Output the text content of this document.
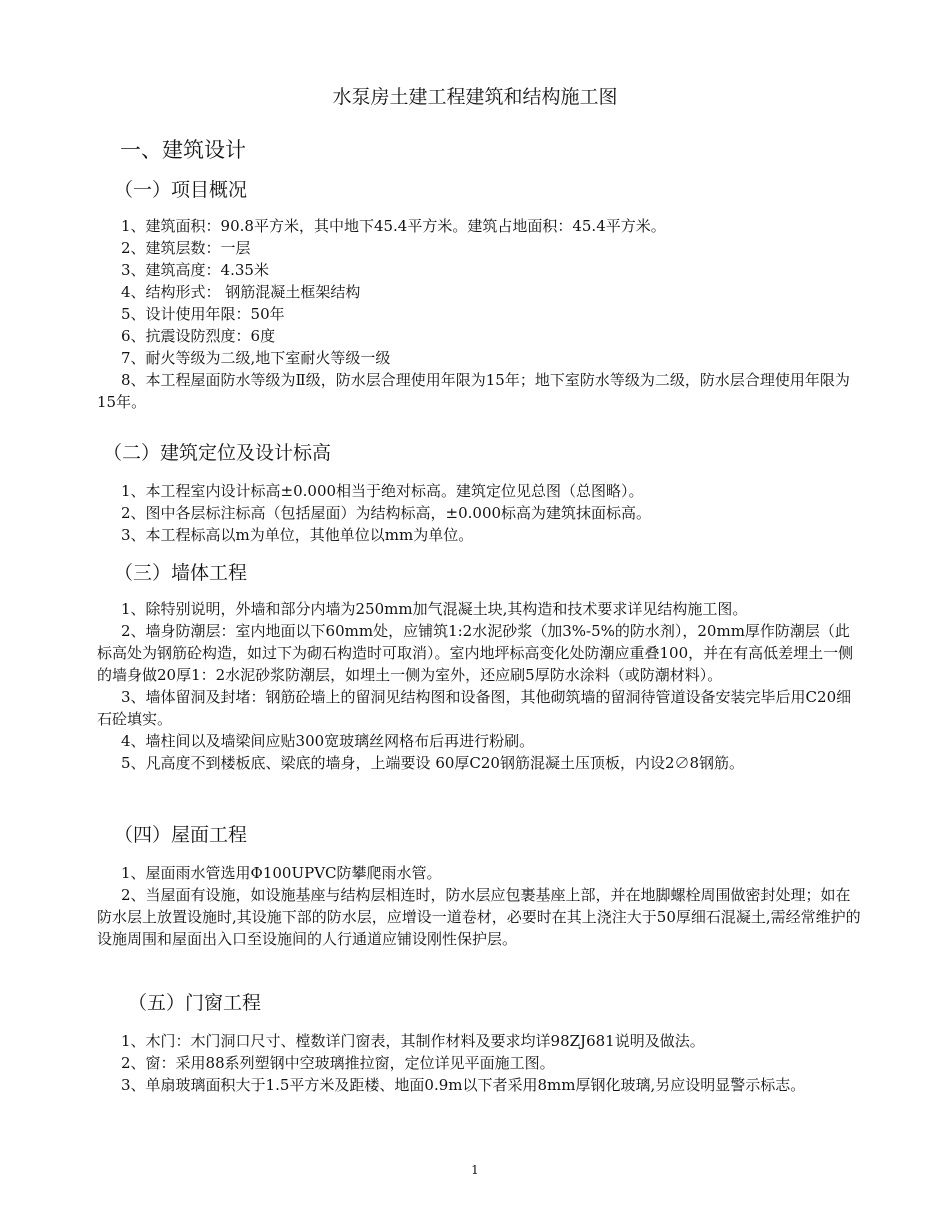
水泵房土建工程建筑和结构施工图
一、建筑设计
（一）项目概况

1、建筑面积：90.8平方米，其中地下45.4平方米。建筑占地面积：45.4平方米。

2、建筑层数：一层

3、建筑高度：4.35米

4、结构形式： 钢筋混凝土框架结构

5、设计使用年限：50年

6、抗震设防烈度：6度

7、耐火等级为二级,地下室耐火等级一级

8、本工程屋面防水等级为Ⅱ级，防水层合理使用年限为15年；地下室防水等级为二级，防水层合理使用年限为15年。

（二）建筑定位及设计标高

1、本工程室内设计标高±0.000相当于绝对标高。建筑定位见总图（总图略）。

2、图中各层标注标高（包括屋面）为结构标高，±0.000标高为建筑抹面标高。

3、本工程标高以m为单位，其他单位以mm为单位。

（三）墙体工程

1、除特别说明，外墙和部分内墙为250mm加气混凝土块,其构造和技术要求详见结构施工图。

2、墙身防潮层：室内地面以下60mm处，应铺筑1:2水泥砂浆（加3%-5%的防水剂），20mm厚作防潮层（此标高处为钢筋砼构造，如过下为砌石构造时可取消）。室内地坪标高变化处防潮应重叠100，并在有高低差埋土一侧的墙身做20厚1：2水泥砂浆防潮层，如埋土一侧为室外，还应刷5厚防水涂料（或防潮材料）。

3、墙体留洞及封堵：钢筋砼墙上的留洞见结构图和设备图，其他砌筑墙的留洞待管道设备安装完毕后用C20细石砼填实。

4、墙柱间以及墙梁间应贴300宽玻璃丝网格布后再进行粉刷。

5、凡高度不到楼板底、梁底的墙身，上端要设 60厚C20钢筋混凝土压顶板，内设2∅8钢筋。

（四）屋面工程

1、屋面雨水管选用Φ100UPVC防攀爬雨水管。

2、当屋面有设施，如设施基座与结构层相连时，防水层应包裹基座上部，并在地脚螺栓周围做密封处理；如在防水层上放置设施时,其设施下部的防水层，应增设一道卷材，必要时在其上浇注大于50厚细石混凝土,需经常维护的设施周围和屋面出入口至设施间的人行通道应铺设刚性保护层。

（五）门窗工程

1、木门：木门洞口尺寸、樘数详门窗表，其制作材料及要求均详98ZJ681说明及做法。

2、窗：采用88系列塑钢中空玻璃推拉窗，定位详见平面施工图。

3、单扇玻璃面积大于1.5平方米及距楼、地面0.9m以下者采用8mm厚钢化玻璃,另应设明显警示标志。

1
